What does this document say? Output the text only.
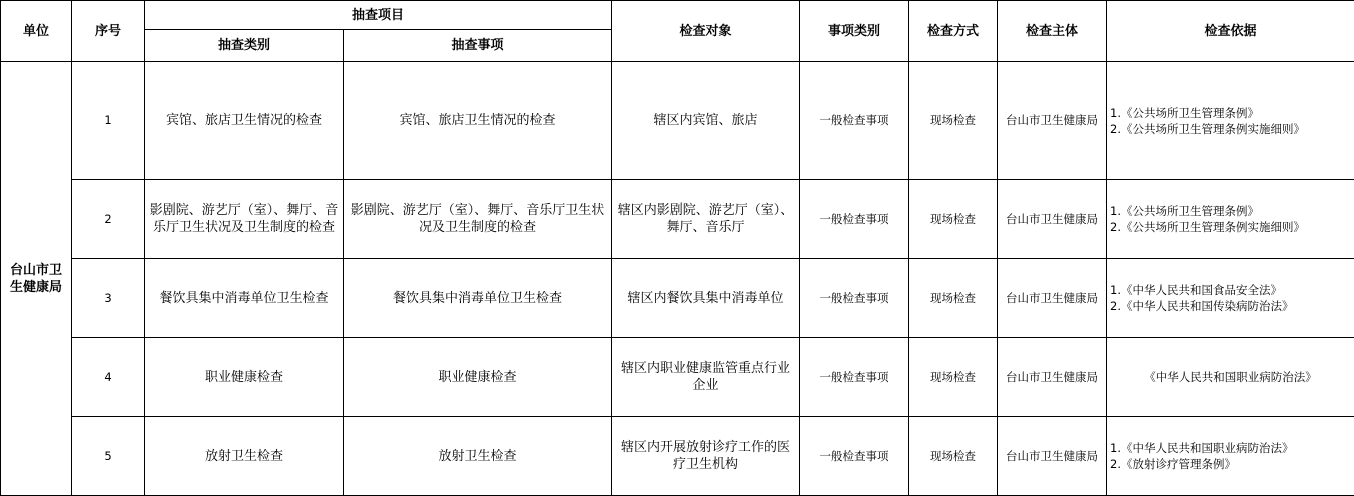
单位	序号	抽查项目		检查对象	事项类别	检查方式	检查主体	检查依据
		抽查类别	抽查事项					
台山市卫生健康局	1	宾馆、旅店卫生情况的检查	宾馆、旅店卫生情况的检查	辖区内宾馆、旅店	一般检查事项	现场检查	台山市卫生健康局	1.《公共场所卫生管理条例》
2.《公共场所卫生管理条例实施细则》

	2	影剧院、游艺厅（室）、舞厅、音乐厅卫生状况及卫生制度的检查	影剧院、游艺厅（室）、舞厅、音乐厅卫生状况及卫生制度的检查	辖区内影剧院、游艺厅（室）、舞厅、音乐厅	一般检查事项	现场检查	台山市卫生健康局	1.《公共场所卫生管理条例》
2.《公共场所卫生管理条例实施细则》

	3	餐饮具集中消毒单位卫生检查	餐饮具集中消毒单位卫生检查	辖区内餐饮具集中消毒单位	一般检查事项	现场检查	台山市卫生健康局	1.《中华人民共和国食品安全法》
2.《中华人民共和国传染病防治法》

	4	职业健康检查	职业健康检查	辖区内职业健康监管重点行业企业	一般检查事项	现场检查	台山市卫生健康局	《中华人民共和国职业病防治法》

	5	放射卫生检查	放射卫生检查	辖区内开展放射诊疗工作的医疗卫生机构	一般检查事项	现场检查	台山市卫生健康局	1.《中华人民共和国职业病防治法》
2.《放射诊疗管理条例》
